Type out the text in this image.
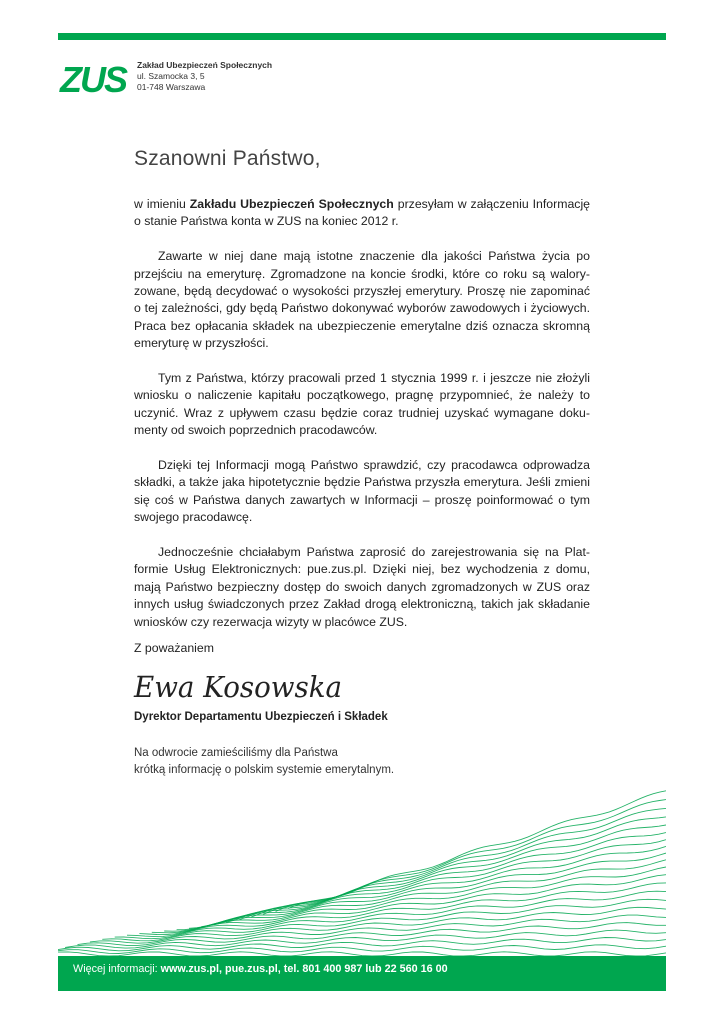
ZUS Zakład Ubezpieczeń Społecznych
ul. Szamocka 3, 5
01-748 Warszawa
Szanowni Państwo,

w imieniu Zakładu Ubezpieczeń Społecznych przesyłam w załączeniu Informację o stanie Państwa konta w ZUS na koniec 2012 r.

Zawarte w niej dane mają istotne znaczenie dla jakości Państwa życia po przejściu na emeryturę. Zgromadzone na koncie środki, które co roku są waloryzowane, będą decydować o wysokości przyszłej emerytury. Proszę nie zapominać o tej zależności, gdy będą Państwo dokonywać wyborów zawodowych i życiowych. Praca bez opłacania składek na ubezpieczenie emerytalne dziś oznacza skromną emeryturę w przyszłości.

Tym z Państwa, którzy pracowali przed 1 stycznia 1999 r. i jeszcze nie złożyli wniosku o naliczenie kapitału początkowego, pragnę przypomnieć, że należy to uczynić. Wraz z upływem czasu będzie coraz trudniej uzyskać wymagane dokumenty od swoich poprzednich pracodawców.

Dzięki tej Informacji mogą Państwo sprawdzić, czy pracodawca odprowadza składki, a także jaka hipotetycznie będzie Państwa przyszła emerytura. Jeśli zmieni się coś w Państwa danych zawartych w Informacji – proszę poinformować o tym swojego pracodawcę.

Jednocześnie chciałabym Państwa zaprosić do zarejestrowania się na Platformie Usług Elektronicznych: pue.zus.pl. Dzięki niej, bez wychodzenia z domu, mają Państwo bezpieczny dostęp do swoich danych zgromadzonych w ZUS oraz innych usług świadczonych przez Zakład drogą elektroniczną, takich jak składanie wniosków czy rezerwacja wizyty w placówce ZUS.

Z poważaniem
Ewa Kosowska
Dyrektor Departamentu Ubezpieczeń i Składek
Na odwrocie zamieściliśmy dla Państwa
krótką informację o polskim systemie emerytalnym.
Więcej informacji: www.zus.pl, pue.zus.pl, tel. 801 400 987 lub 22 560 16 00
